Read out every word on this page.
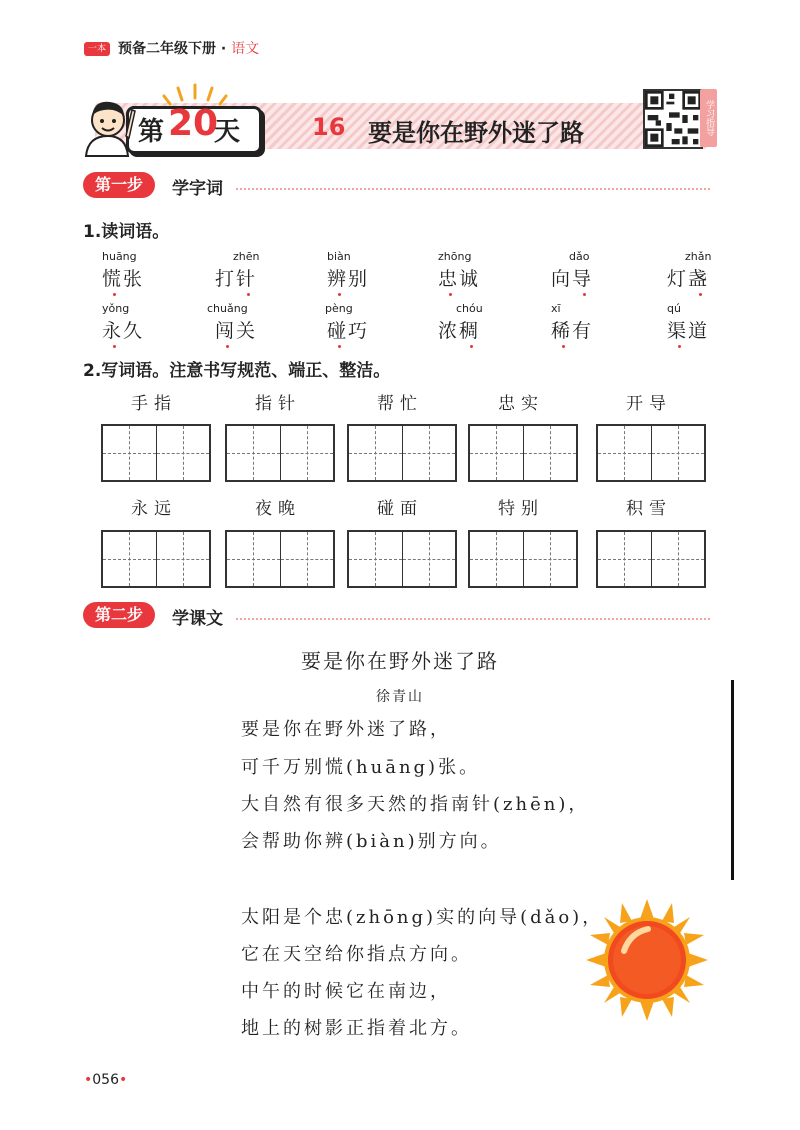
一本 预备二年级下册 · 语文
第 20
天	16 要是你在野外迷了路	学习指导
第一步	学字词
1.读词语。
huāng
慌张
zhēn
打针
biàn
辨别
zhōng
忠诚
dǎo
向导
zhǎn
灯盏
yǒng
永久
chuǎng
闯关
pèng
碰巧
chóu
浓稠
xī
稀有
qú
渠道
2.写词语。注意书写规范、端正、整洁。
手指	指针	帮忙	忠实	开导
永远	夜晚	碰面	特别	积雪
第二步	学课文
要是你在野外迷了路
徐青山
要是你在野外迷了路，
可千万别慌(huāng)张。
大自然有很多天然的指南针(zhēn)，
会帮助你辨(biàn)别方向。
太阳是个忠(zhōng)实的向导(dǎo)，
它在天空给你指点方向。
中午的时候它在南边，
地上的树影正指着北方。
•056•
